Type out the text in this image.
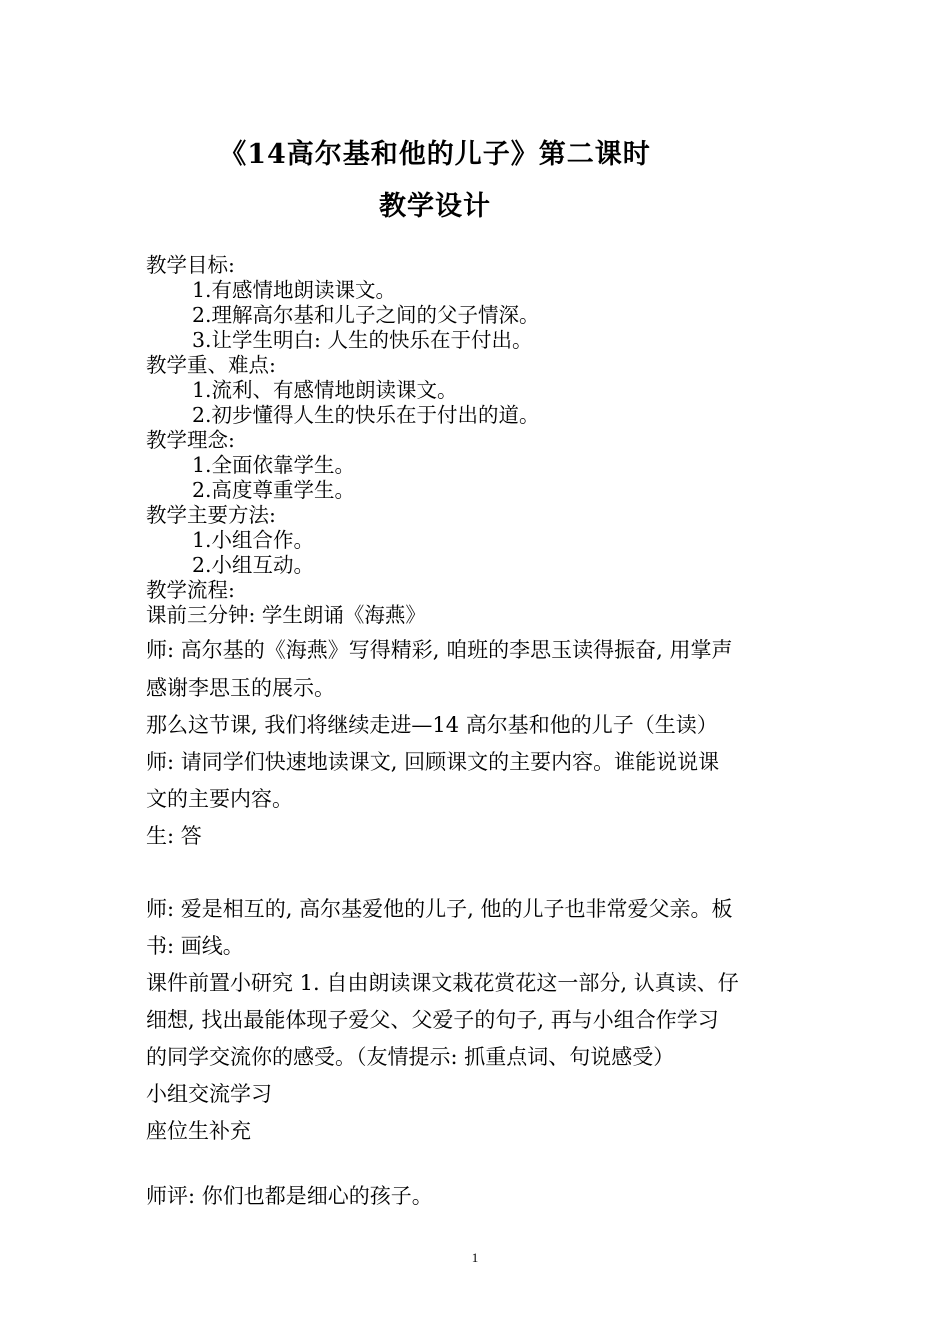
《14高尔基和他的儿子》第二课时
教学设计
教学目标:
1.有感情地朗读课文。
2.理解高尔基和儿子之间的父子情深。
3.让学生明白: 人生的快乐在于付出。
教学重、难点:
1.流利、有感情地朗读课文。
2.初步懂得人生的快乐在于付出的道。
教学理念:
1.全面依靠学生。
2.高度尊重学生。
教学主要方法:
1.小组合作。
2.小组互动。
教学流程:
课前三分钟: 学生朗诵《海燕》
师: 高尔基的《海燕》写得精彩, 咱班的李思玉读得振奋, 用掌声
感谢李思玉的展示。
那么这节课, 我们将继续走进—14 高尔基和他的儿子（生读）
师: 请同学们快速地读课文, 回顾课文的主要内容。谁能说说课
文的主要内容。
生: 答
师: 爱是相互的, 高尔基爱他的儿子, 他的儿子也非常爱父亲。板
书: 画线。
课件前置小研究 1. 自由朗读课文栽花赏花这一部分, 认真读、仔
细想, 找出最能体现子爱父、父爱子的句子, 再与小组合作学习
的同学交流你的感受。（友情提示: 抓重点词、句说感受）
小组交流学习
座位生补充
师评: 你们也都是细心的孩子。
1
